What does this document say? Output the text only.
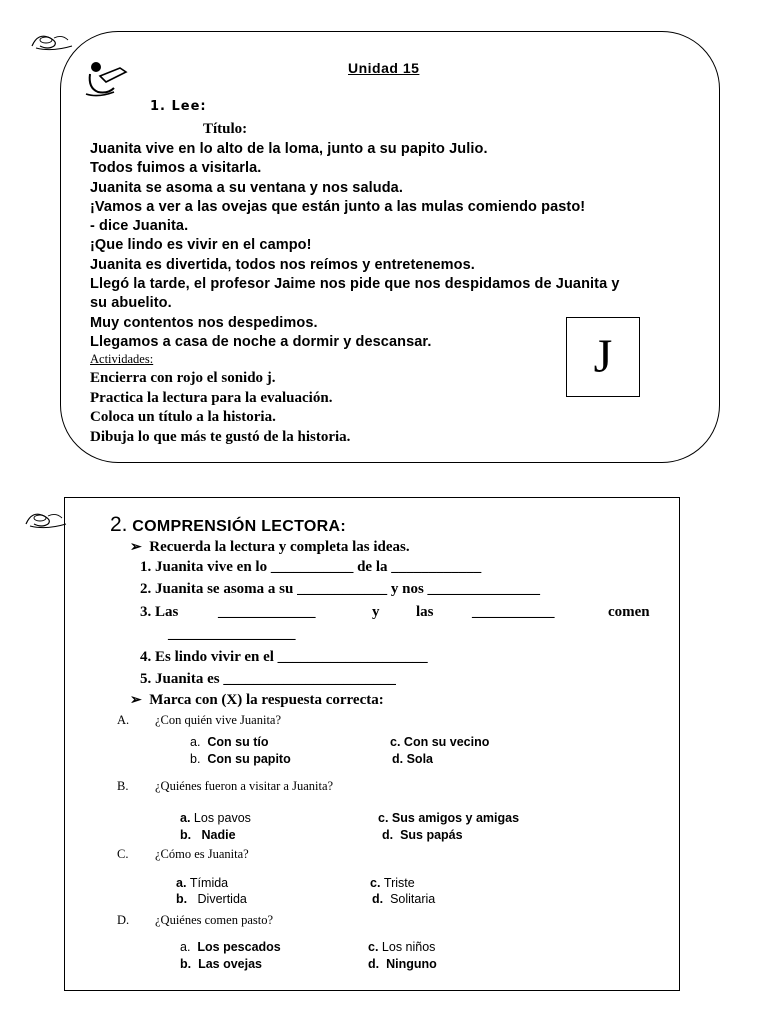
Unidad 15
1. Lee:
Título:
Juanita vive en lo alto de la loma, junto a su papito Julio.
Todos fuimos a visitarla.
Juanita se asoma a su ventana y nos saluda.
¡Vamos a ver a las ovejas que están junto a las mulas comiendo pasto!
- dice Juanita.
¡Que lindo es vivir en el campo!
Juanita es divertida, todos nos reímos y entretenemos.
Llegó la tarde, el profesor Jaime nos pide que nos despidamos de Juanita y
su abuelito.
Muy contentos nos despedimos.
Llegamos a casa de noche a dormir y descansar.	J
Actividades:
Encierra con rojo el sonido j.
Practica la lectura para la evaluación.
Coloca un título a la historia.
Dibuja lo que más te gustó de la historia.
2. COMPRENSIÓN LECTORA:
➢ Recuerda la lectura y completa las ideas.
1. Juanita vive en lo ___________ de la ____________
2. Juanita se asoma a su ____________ y nos _______________
3. Las	_____________	y las	___________	comen
_________________
4. Es lindo vivir en el ____________________
5. Juanita es _______________________
➢ Marca con (X) la respuesta correcta:
A. ¿Con quién vive Juanita?
a. Con su tío	c. Con su vecino
b. Con su papito	d. Sola
B. ¿Quiénes fueron a visitar a Juanita?
a. Los pavos	c. Sus amigos y amigas
b. Nadie	d. Sus papás
C. ¿Cómo es Juanita?
a. Tímida	c. Triste
b. Divertida	d. Solitaria
D. ¿Quiénes comen pasto?
a. Los pescados	c. Los niños
b. Las ovejas	d. Ninguno
